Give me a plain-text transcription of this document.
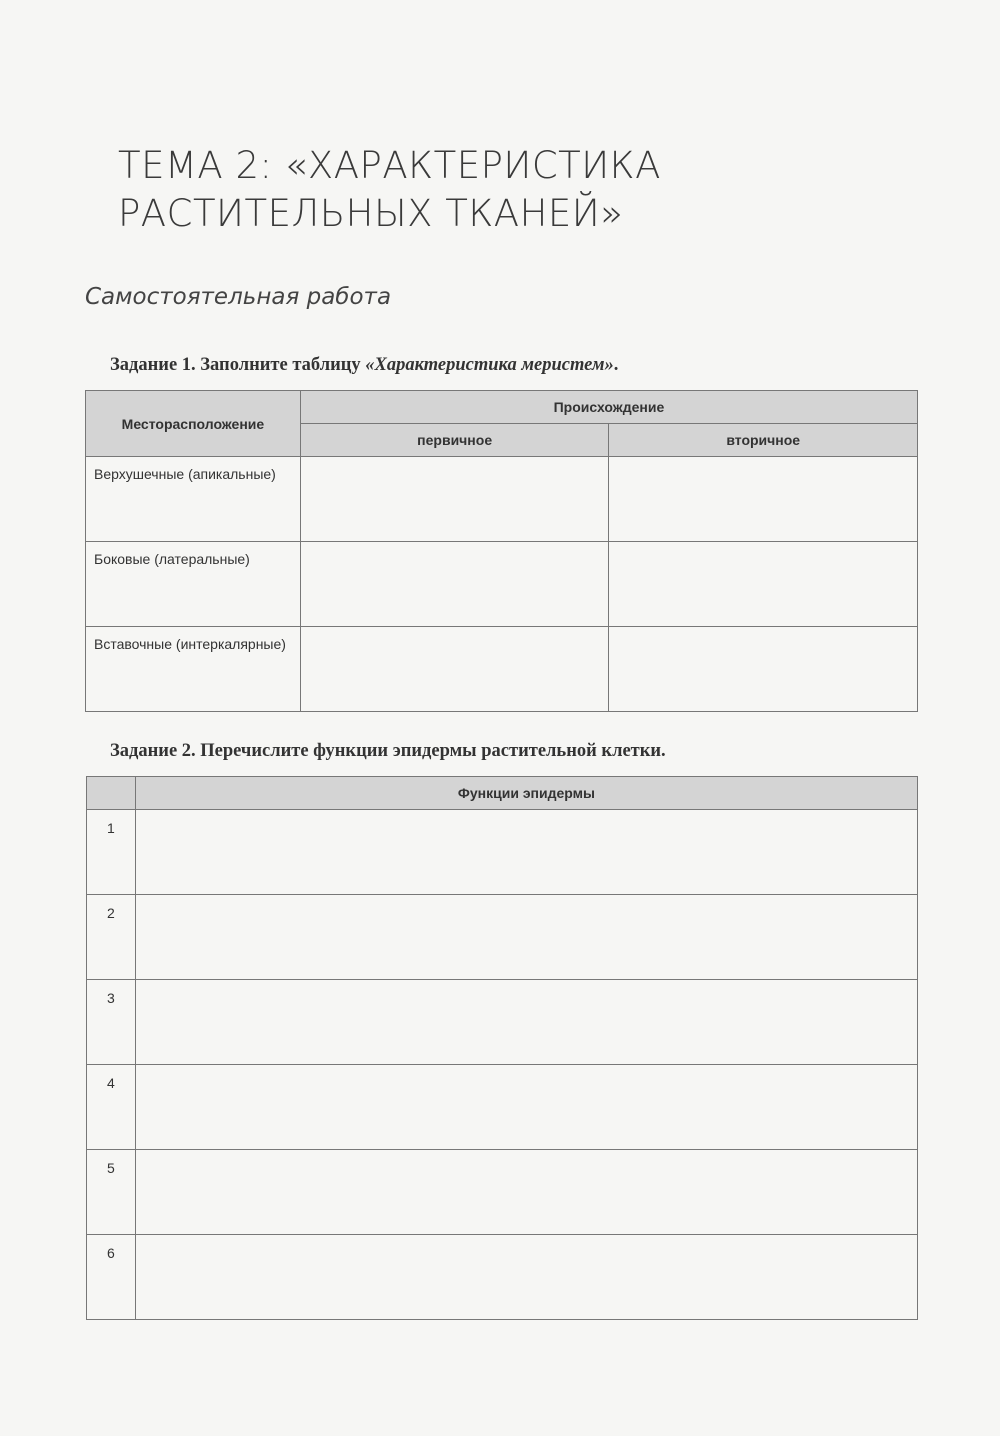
ТЕМА 2: «ХАРАКТЕРИСТИКА
РАСТИТЕЛЬНЫХ ТКАНЕЙ»
Самостоятельная работа
Задание 1. Заполните таблицу «Характеристика меристем».
Месторасположение	Происхождение	
	первичное	вторичное
Верхушечные (апикальные)		
Боковые (латеральные)		
Вставочные (интеркалярные)		
Задание 2. Перечислите функции эпидермы растительной клетки.
	Функции эпидермы
1	
2	
3	
4	
5	
6	
